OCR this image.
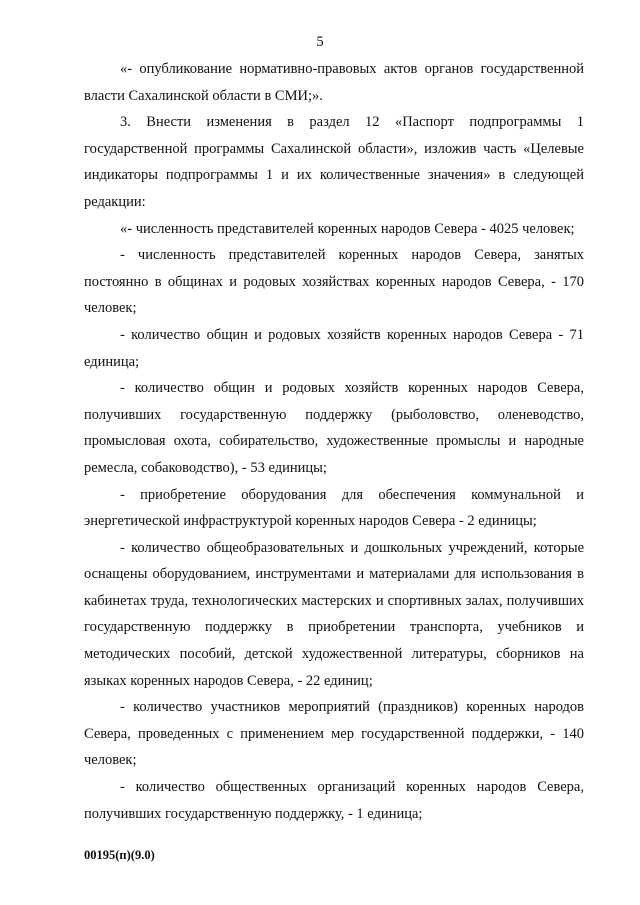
5

«- опубликование нормативно-правовых актов органов государственной власти Сахалинской области в СМИ;».

3. Внести изменения в раздел 12 «Паспорт подпрограммы 1 государственной программы Сахалинской области», изложив часть «Целевые индикаторы подпрограммы 1 и их количественные значения» в следующей редакции:

«- численность представителей коренных народов Севера - 4025 человек;

- численность представителей коренных народов Севера, занятых постоянно в общинах и родовых хозяйствах коренных народов Севера, - 170 человек;

- количество общин и родовых хозяйств коренных народов Севера - 71 единица;

- количество общин и родовых хозяйств коренных народов Севера, получивших государственную поддержку (рыболовство, оленеводство, промысловая охота, собирательство, художественные промыслы и народные ремесла, собаководство), - 53 единицы;

- приобретение оборудования для обеспечения коммунальной и энергетической инфраструктурой коренных народов Севера - 2 единицы;

- количество общеобразовательных и дошкольных учреждений, которые оснащены оборудованием, инструментами и материалами для использования в кабинетах труда, технологических мастерских и спортивных залах, получивших государственную поддержку в приобретении транспорта, учебников и методических пособий, детской художественной литературы, сборников на языках коренных народов Севера, - 22 единиц;

- количество участников мероприятий (праздников) коренных народов Севера, проведенных с применением мер государственной поддержки, - 140 человек;

- количество общественных организаций коренных народов Севера, получивших государственную поддержку, - 1 единица;

00195(п)(9.0)
